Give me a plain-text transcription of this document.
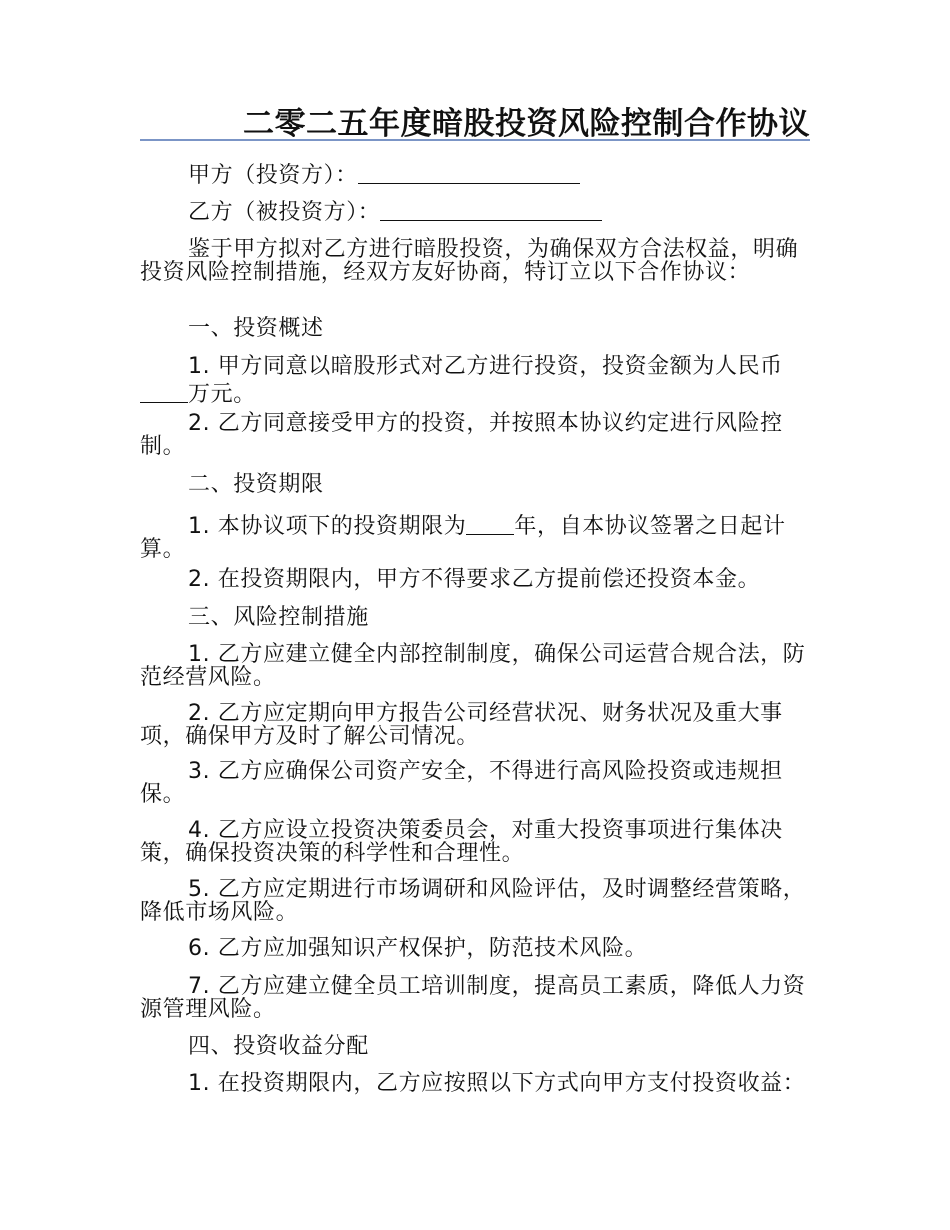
二零二五年度暗股投资风险控制合作协议

甲方（投资方）：

乙方（被投资方）：

鉴于甲方拟对乙方进行暗股投资，为确保双方合法权益，明确投资风险控制措施，经双方友好协商，特订立以下合作协议：

一、投资概述

1. 甲方同意以暗股形式对乙方进行投资，投资金额为人民币万元。

2. 乙方同意接受甲方的投资，并按照本协议约定进行风险控制。

二、投资期限

1. 本协议项下的投资期限为 年，自本协议签署之日起计算。

2. 在投资期限内，甲方不得要求乙方提前偿还投资本金。

三、风险控制措施

1. 乙方应建立健全内部控制制度，确保公司运营合规合法，防范经营风险。

2. 乙方应定期向甲方报告公司经营状况、财务状况及重大事项，确保甲方及时了解公司情况。

3. 乙方应确保公司资产安全，不得进行高风险投资或违规担保。

4. 乙方应设立投资决策委员会，对重大投资事项进行集体决策，确保投资决策的科学性和合理性。

5. 乙方应定期进行市场调研和风险评估，及时调整经营策略，降低市场风险。

6. 乙方应加强知识产权保护，防范技术风险。

7. 乙方应建立健全员工培训制度，提高员工素质，降低人力资源管理风险。

四、投资收益分配

1. 在投资期限内，乙方应按照以下方式向甲方支付投资收益：
